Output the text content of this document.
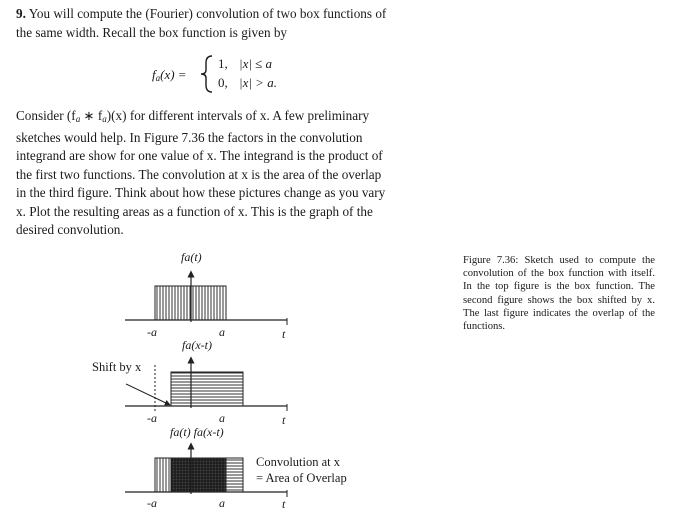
9. You will compute the (Fourier) convolution of two box functions of
the same width. Recall the box function is given by
$f_a(x)$ =
1, |x| ≤ a
0, |x| > a.
Consider ($f_a$ ∗ $f_a)(x)$ for different intervals of x. A few preliminary
sketches would help. In Figure 7.36 the factors in the convolution
integrand are show for one value of x. The integrand is the product of
the first two functions. The convolution at x is the area of the overlap
in the third figure. Think about how these pictures change as you vary
x. Plot the resulting areas as a function of x. This is the graph of the
desired convolution.
Figure 7.36: Sketch used to compute the convolution of the box function with itself. In the top figure is the box function. The second figure shows the box shifted by x. The last figure indicates the overlap of the functions.
fa(t)
-a	a	t
fa(x-t)
Shift by x
-a	a	t
fa(t) fa(x-t)
-a	a	t
Convolution at x
= Area of Overlap
